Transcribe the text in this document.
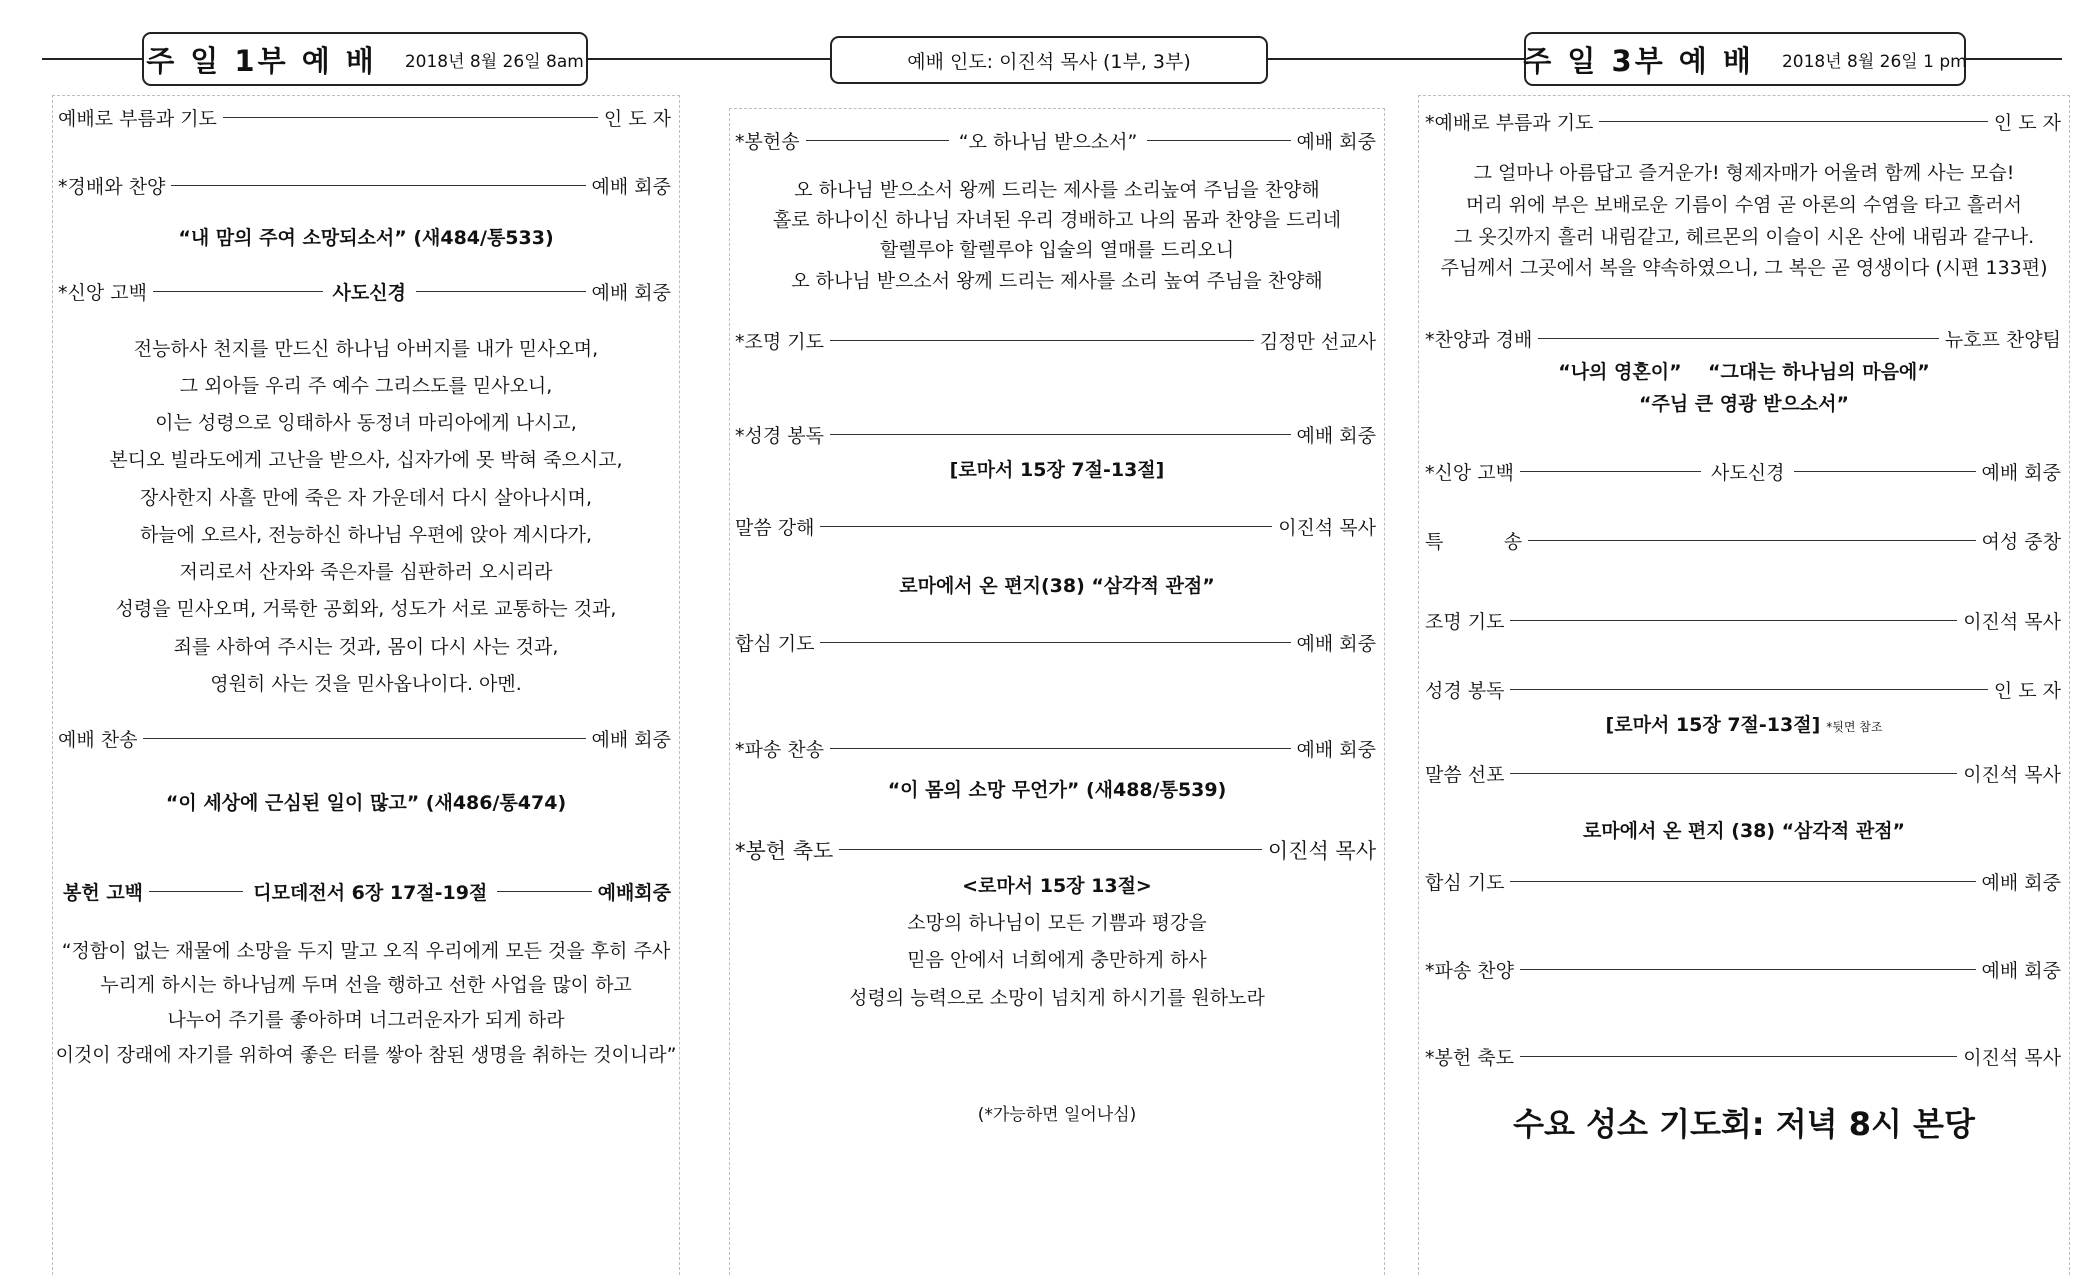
주 일 1부 예 배 2018년 8월 26일 8am	예배 인도: 이진석 목사 (1부, 3부)	주 일 3부 예 배 2018년 8월 26일 1 pm
예배로 부름과 기도	인 도 자
*경배와 찬양	예배 회중
“내 맘의 주여 소망되소서” (새484/통533)
*신앙 고백	사도신경	예배 회중
전능하사 천지를 만드신 하나님 아버지를 내가 믿사오며,
그 외아들 우리 주 예수 그리스도를 믿사오니,
이는 성령으로 잉태하사 동정녀 마리아에게 나시고,
본디오 빌라도에게 고난을 받으사, 십자가에 못 박혀 죽으시고,
장사한지 사흘 만에 죽은 자 가운데서 다시 살아나시며,
하늘에 오르사, 전능하신 하나님 우편에 앉아 계시다가,
저리로서 산자와 죽은자를 심판하러 오시리라
성령을 믿사오며, 거룩한 공회와, 성도가 서로 교통하는 것과,
죄를 사하여 주시는 것과, 몸이 다시 사는 것과,
영원히 사는 것을 믿사옵나이다. 아멘.
예배 찬송	예배 회중
“이 세상에 근심된 일이 많고” (새486/통474)
봉헌 고백	디모데전서 6장 17절-19절	예배회중
“정함이 없는 재물에 소망을 두지 말고 오직 우리에게 모든 것을 후히 주사
누리게 하시는 하나님께 두며 선을 행하고 선한 사업을 많이 하고
나누어 주기를 좋아하며 너그러운자가 되게 하라
이것이 장래에 자기를 위하여 좋은 터를 쌓아 참된 생명을 취하는 것이니라”
*봉헌송	“오 하나님 받으소서”	예배 회중
오 하나님 받으소서 왕께 드리는 제사를 소리높여 주님을 찬양해
홀로 하나이신 하나님 자녀된 우리 경배하고 나의 몸과 찬양을 드리네
할렐루야 할렐루야 입술의 열매를 드리오니
오 하나님 받으소서 왕께 드리는 제사를 소리 높여 주님을 찬양해
*조명 기도	김정만 선교사
*성경 봉독	예배 회중
[로마서 15장 7절-13절]
말씀 강해	이진석 목사
로마에서 온 편지(38) “삼각적 관점”
합심 기도	예배 회중
*파송 찬송	예배 회중
“이 몸의 소망 무언가” (새488/통539)
*봉헌 축도	이진석 목사
<로마서 15장 13절>
소망의 하나님이 모든 기쁨과 평강을
믿음 안에서 너희에게 충만하게 하사
성령의 능력으로 소망이 넘치게 하시기를 원하노라
(*가능하면 일어나심)
*예배로 부름과 기도	인 도 자
그 얼마나 아름답고 즐거운가! 형제자매가 어울려 함께 사는 모습!
머리 위에 부은 보배로운 기름이 수염 곧 아론의 수염을 타고 흘러서
그 옷깃까지 흘러 내림같고, 헤르몬의 이슬이 시온 산에 내림과 같구나.
주님께서 그곳에서 복을 약속하였으니, 그 복은 곧 영생이다 (시편 133편)
*찬양과 경배	뉴호프 찬양팀
“나의 영혼이”    “그대는 하나님의 마음에”
“주님 큰 영광 받으소서”
*신앙 고백	사도신경	예배 회중
특          송	여성 중창
조명 기도	이진석 목사
성경 봉독	인 도 자
[로마서 15장 7절-13절] *뒷면 참조
말씀 선포	이진석 목사
로마에서 온 편지 (38) “삼각적 관점”
합심 기도	예배 회중
*파송 찬양	예배 회중
*봉헌 축도	이진석 목사
수요 성소 기도회: 저녁 8시 본당
